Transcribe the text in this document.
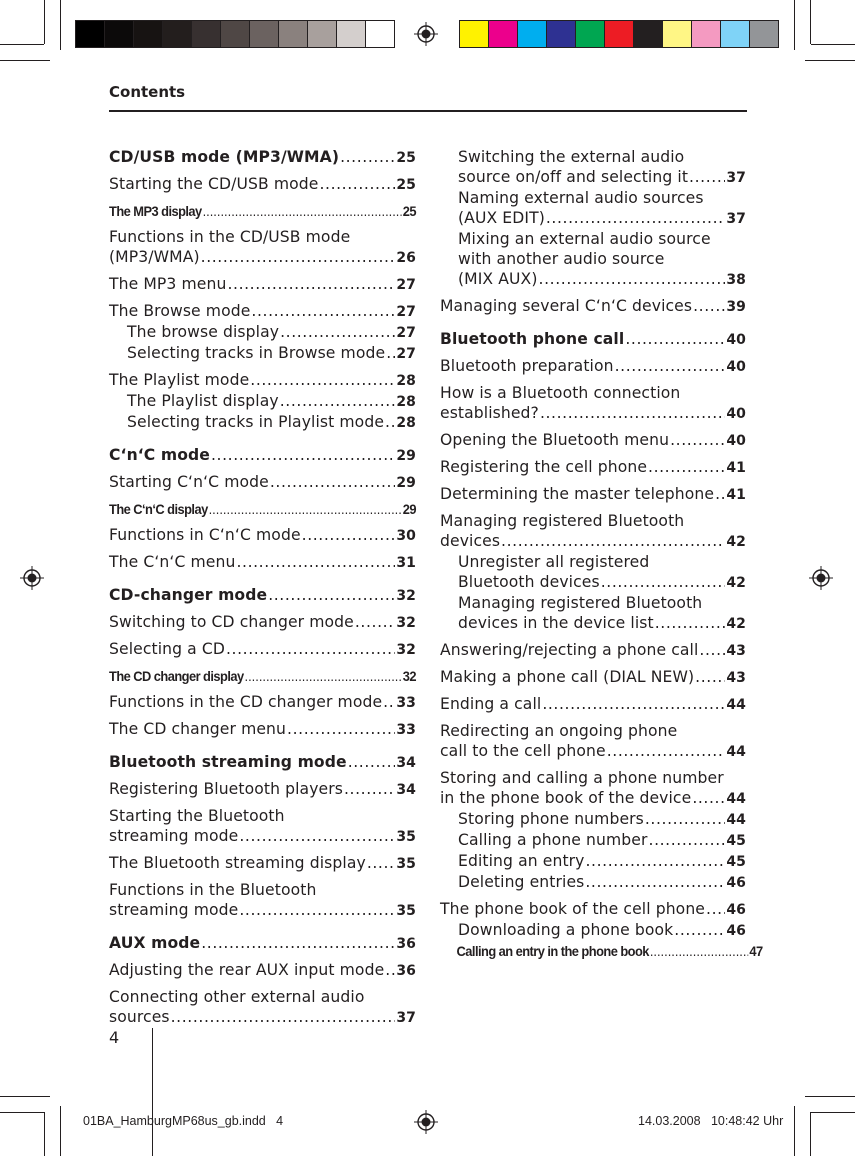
Contents
CD/USB mode (MP3/WMA) .....	25
Starting the CD/USB mode .....	25
The MP3 display .....	25
Functions in the CD/USB mode
(MP3/WMA) .....	26
The MP3 menu .....	27
The Browse mode .....	27
The browse display .....	27
Selecting tracks in Browse mode ..... 27
The Playlist mode .....	28
The Playlist display .....	28
Selecting tracks in Playlist mode ..... 28
C‘n‘C mode .....	29
Starting C‘n‘C mode .....	29
The C‘n‘C display .....	29
Functions in C‘n‘C mode .....	30
The C‘n‘C menu .....	31
CD-changer mode .....	32
Switching to CD changer mode .....	32
Selecting a CD .....	32
The CD changer display .....	32
Functions in the CD changer mode ..... 33
The CD changer menu .....	33
Bluetooth streaming mode .....	34
Registering Bluetooth players .....	34
Starting the Bluetooth
streaming mode .....	35
The Bluetooth streaming display ..... 35
Functions in the Bluetooth
streaming mode .....	35
AUX mode .....	36
Adjusting the rear AUX input mode ..... 36
Connecting other external audio
sources .....	37
Switching the external audio
source on/off and selecting it .....	37
Naming external audio sources
(AUX EDIT) .....	37
Mixing an external audio source
with another audio source
(MIX AUX) .....	38
Managing several C‘n‘C devices ..... 39
Bluetooth phone call .....	40
Bluetooth preparation .....	40
How is a Bluetooth connection
established? .....	40
Opening the Bluetooth menu .....	40
Registering the cell phone .....	41
Determining the master telephone ..... 41
Managing registered Bluetooth
devices .....	42
Unregister all registered
Bluetooth devices .....	42
Managing registered Bluetooth
devices in the device list .....	42
Answering/rejecting a phone call ..... 43
Making a phone call (DIAL NEW) ..... 43
Ending a call .....	44
Redirecting an ongoing phone
call to the cell phone .....	44
Storing and calling a phone number
in the phone book of the device .....	44
Storing phone numbers .....	44
Calling a phone number .....	45
Editing an entry .....	45
Deleting entries .....	46
The phone book of the cell phone ..... 46
Downloading a phone book .....	46
Calling an entry in the phone book .....	47
4
01BA_HamburgMP68us_gb.indd   4	14.03.2008   10:48:42 Uhr
